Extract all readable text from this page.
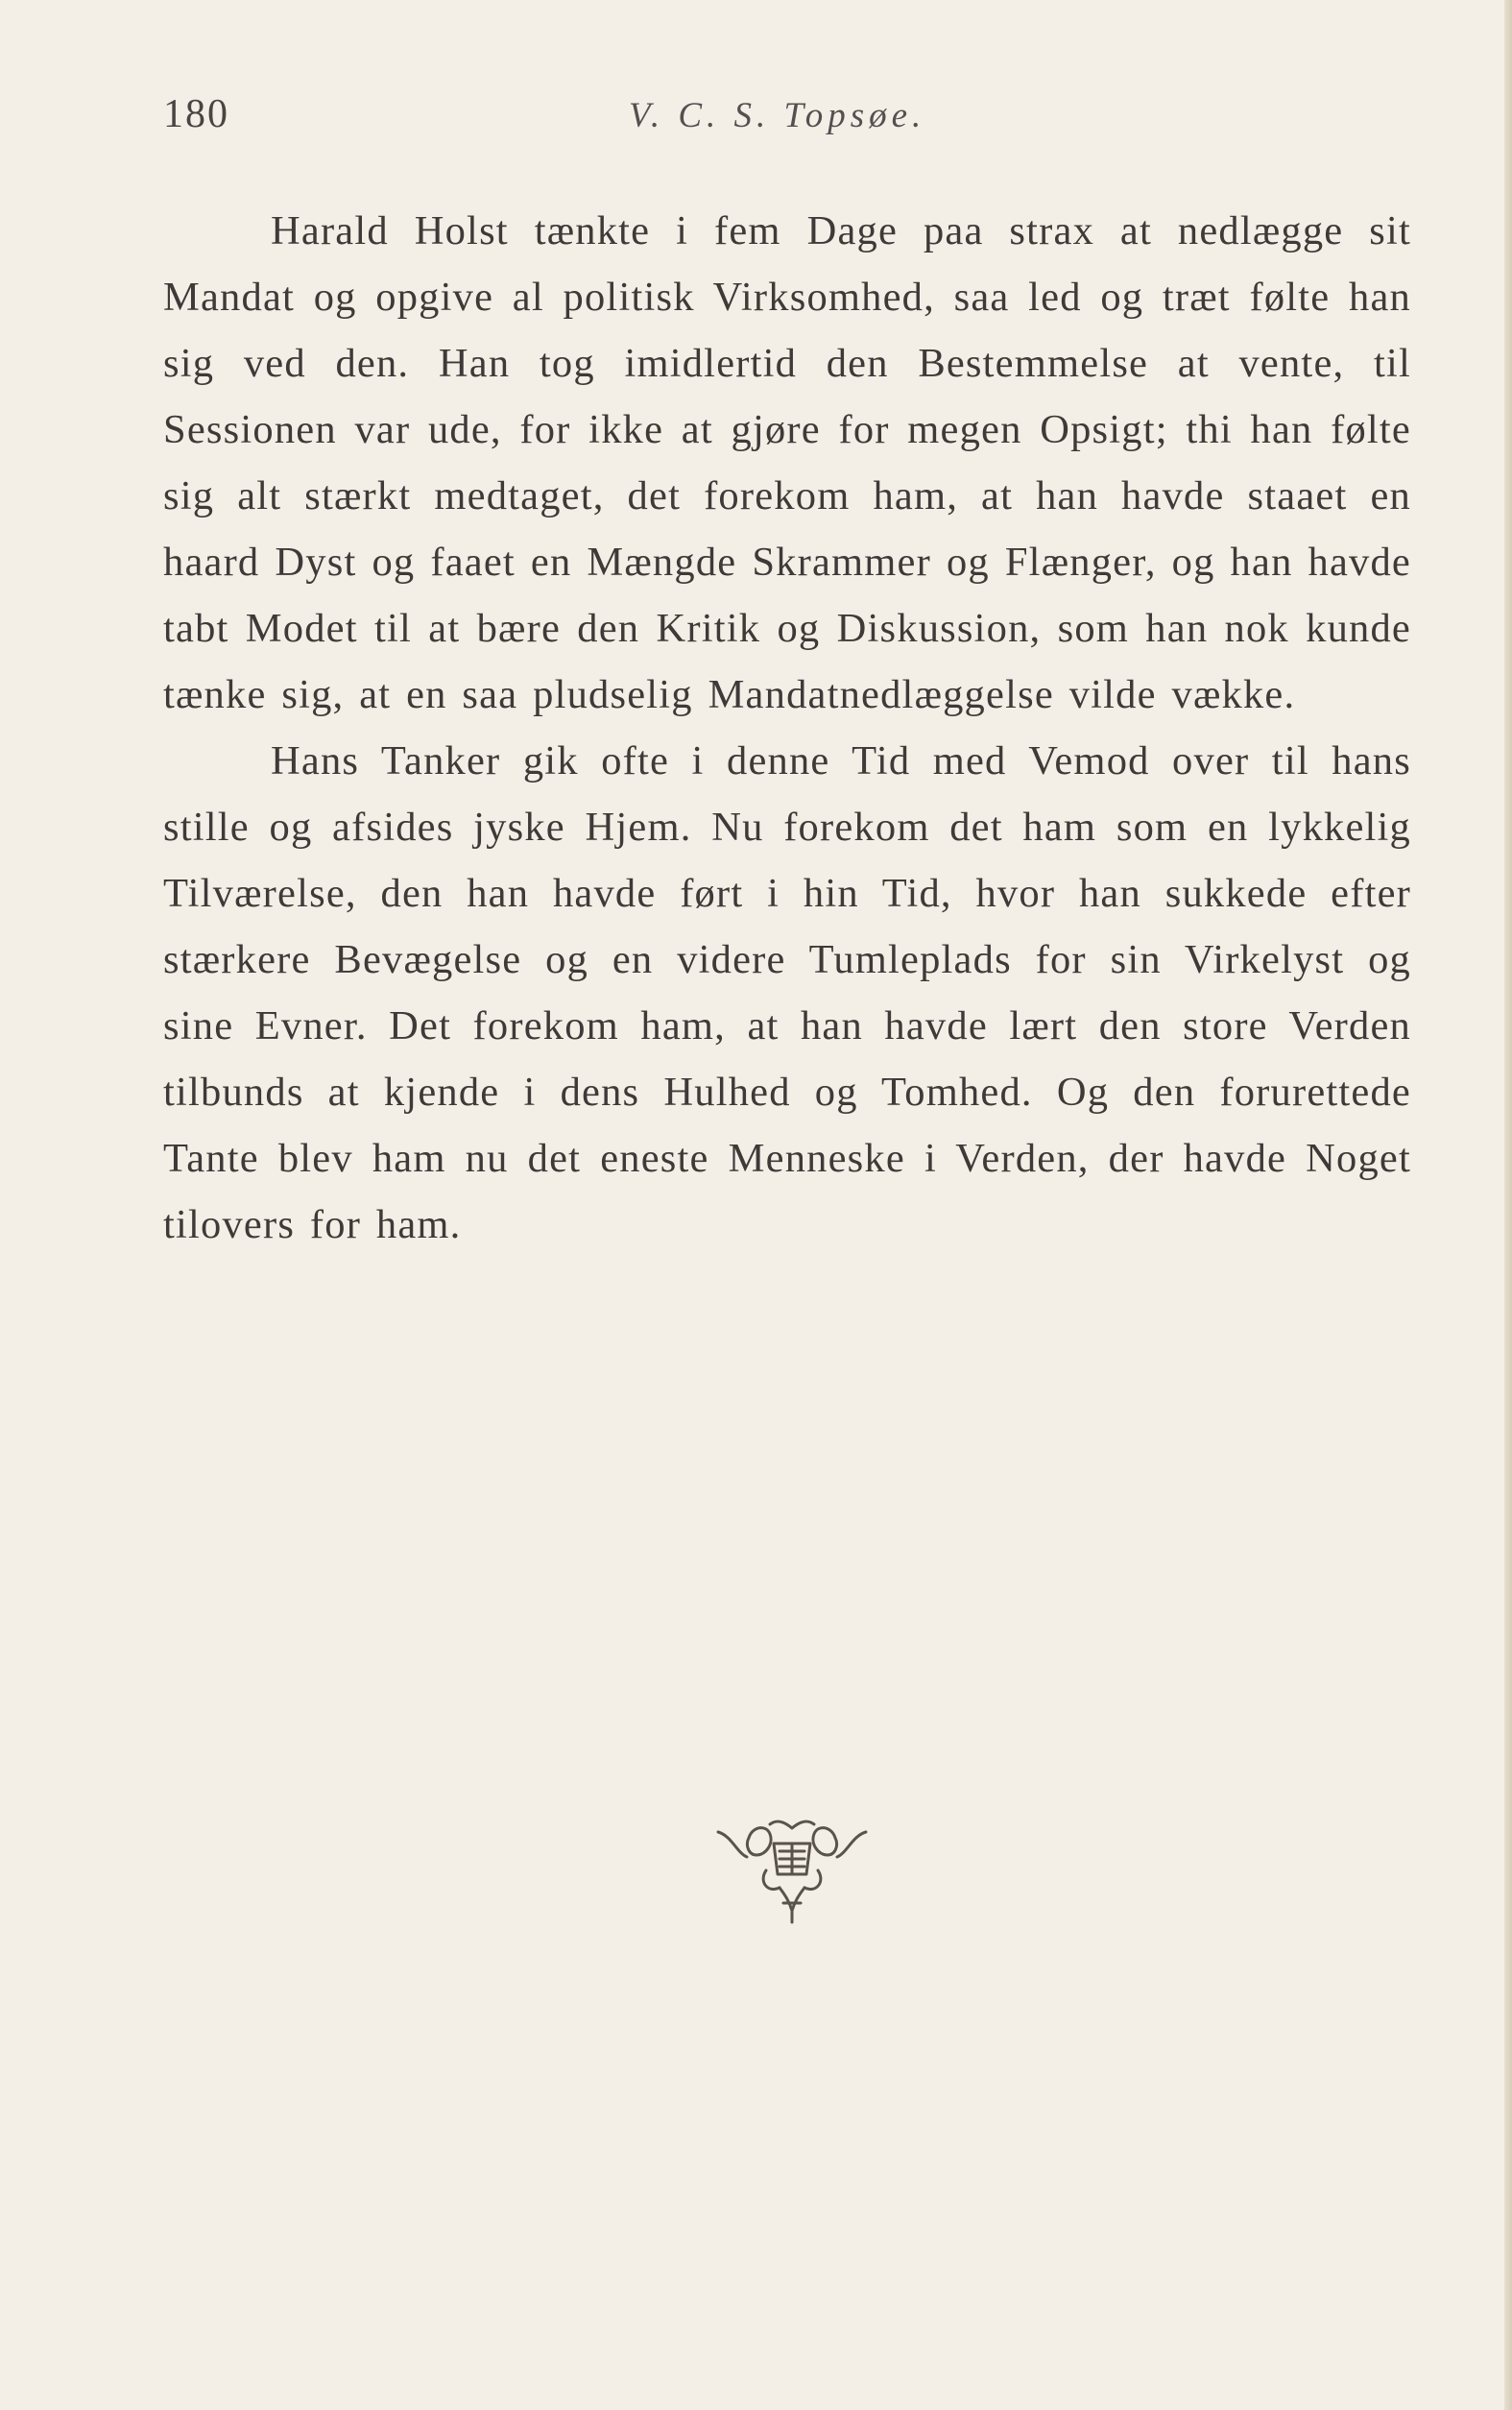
180	V. C. S. Topsøe.

Harald Holst tænkte i fem Dage paa strax at nedlægge sit Mandat og opgive al politisk Virksomhed, saa led og træt følte han sig ved den. Han tog imidlertid den Bestemmelse at vente, til Sessionen var ude, for ikke at gjøre for megen Opsigt; thi han følte sig alt stærkt medtaget, det forekom ham, at han havde staaet en haard Dyst og faaet en Mængde Skrammer og Flænger, og han havde tabt Modet til at bære den Kritik og Diskussion, som han nok kunde tænke sig, at en saa pludselig Mandatnedlæggelse vilde vække.

Hans Tanker gik ofte i denne Tid med Vemod over til hans stille og afsides jyske Hjem. Nu forekom det ham som en lykkelig Tilværelse, den han havde ført i hin Tid, hvor han sukkede efter stærkere Bevægelse og en videre Tumleplads for sin Virkelyst og sine Evner. Det forekom ham, at han havde lært den store Verden tilbunds at kjende i dens Hulhed og Tomhed. Og den forurettede Tante blev ham nu det eneste Menneske i Verden, der havde Noget tilovers for ham.
